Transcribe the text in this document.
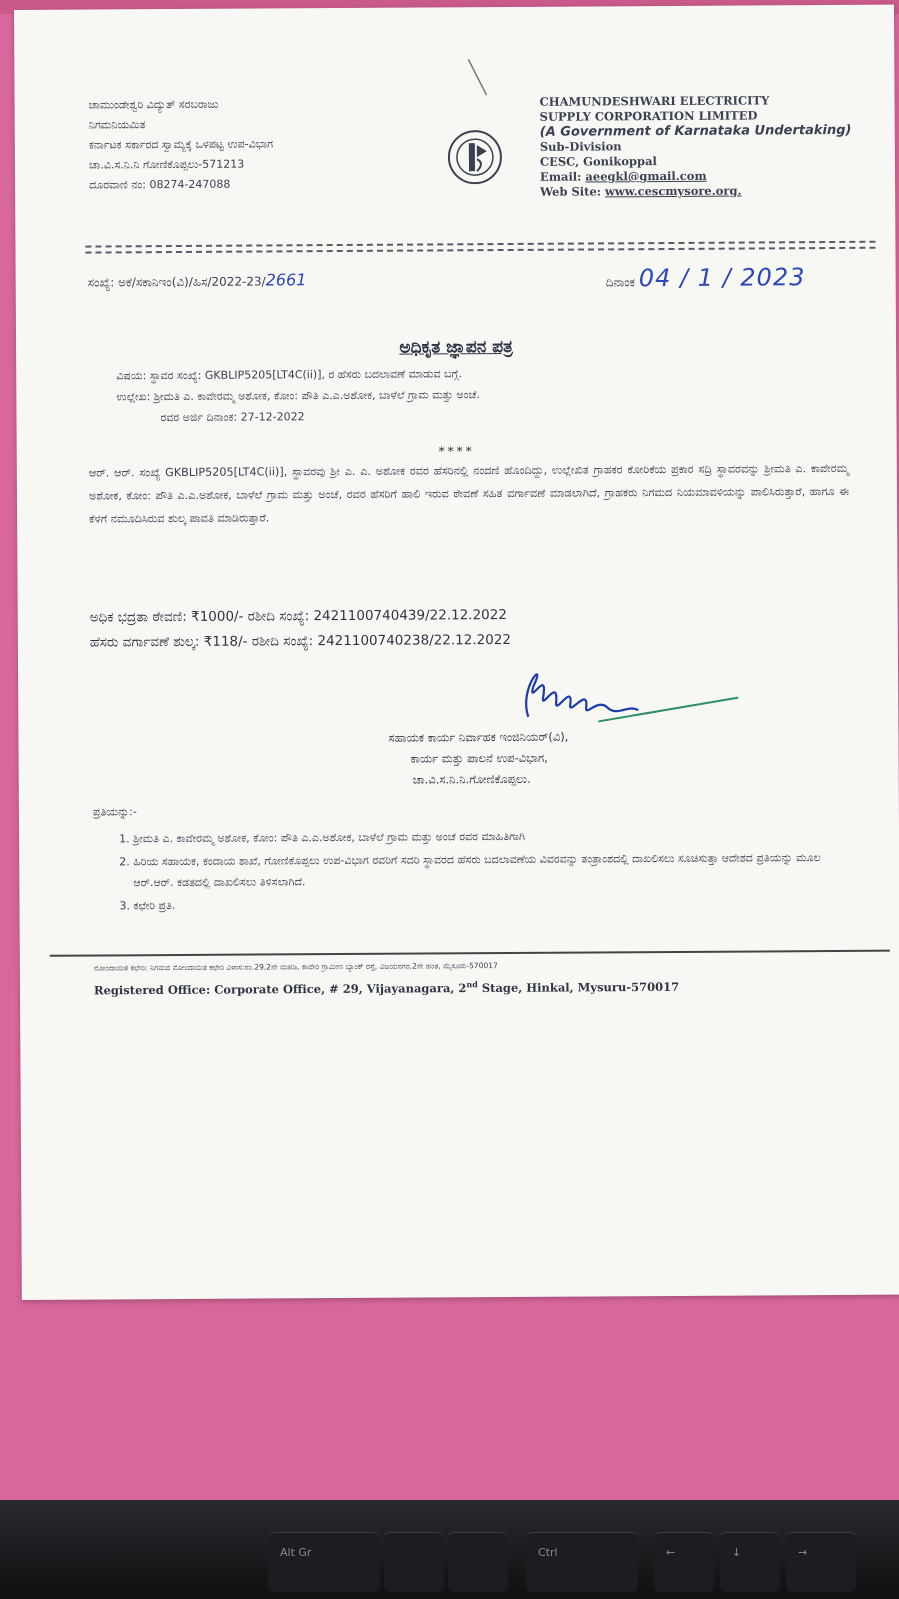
ಚಾಮುಂಡೇಶ್ವರಿ ವಿದ್ಯುತ್ ಸರಬರಾಜು
ನಿಗಮನಿಯಮಿತ
ಕರ್ನಾಟಕ ಸರ್ಕಾರದ ಸ್ವಾಮ್ಯಕ್ಕೆ ಒಳಪಟ್ಟ ಉಪ-ವಿಭಾಗ
ಚಾ.ವಿ.ಸ.ನಿ.ನಿ ಗೋಣಿಕೊಪ್ಪಲು-571213
ದೂರವಾಣಿ ನಂ: 08274-247088
CHAMUNDESHWARI ELECTRICITY
SUPPLY CORPORATION LIMITED
(A Government of Karnataka Undertaking)
Sub-Division
CESC, Gonikoppal
Email: aeegkl@gmail.com
Web Site: www.cescmysore.org.
ಸಂಖ್ಯೆ: ಅಕೆ/ಸಕಾನಿಇಂ(ವಿ)/ಹಿಸ/2022-23/2661	ದಿನಾಂಕ 04 / 1 / 2023
ಅಧಿಕೃತ ಜ್ಞಾಪನ ಪತ್ರ
ವಿಷಯ: ಸ್ಥಾವರ ಸಂಖ್ಯೆ: GKBLIP5205[LT4C(ii)], ರ ಹೆಸರು ಬದಲಾವಣೆ ಮಾಡುವ ಬಗ್ಗೆ.
ಉಲ್ಲೇಖ: ಶ್ರೀಮತಿ ಎ. ಕಾವೇರಮ್ಮ ಅಶೋಕ, ಕೋಂ: ಪೌತಿ ಎ.ಎ.ಅಶೋಕ, ಬಾಳೆಲೆ ಗ್ರಾಮ ಮತ್ತು ಅಂಚೆ.
ರವರ ಅರ್ಜಿ ದಿನಾಂಕ: 27-12-2022
****
ಆರ್. ಆರ್. ಸಂಖ್ಯೆ GKBLIP5205[LT4C(ii)], ಸ್ಥಾವರವು ಶ್ರೀ ಎ. ಎ. ಅಶೋಕ ರವರ ಹೆಸರಿನಲ್ಲಿ ನಂದಣಿ ಹೊಂದಿದ್ದು, ಉಲ್ಲೇಖಿತ ಗ್ರಾಹಕರ ಕೋರಿಕೆಯ ಪ್ರಕಾರ ಸದ್ರಿ ಸ್ಥಾವರವನ್ನು ಶ್ರೀಮತಿ ಎ. ಕಾವೇರಮ್ಮ ಅಶೋಕ, ಕೋಂ: ಪೌತಿ ಎ.ಎ.ಅಶೋಕ, ಬಾಳೆಲೆ ಗ್ರಾಮ ಮತ್ತು ಅಂಚೆ, ರವರ ಹೆಸರಿಗೆ ಹಾಲಿ ಇರುವ ಠೇವಣೆ ಸಹಿತ ವರ್ಗಾವಣೆ ಮಾಡಲಾಗಿದೆ, ಗ್ರಾಹಕರು ನಿಗಮದ ನಿಯಮಾವಳಿಯನ್ನು ಪಾಲಿಸಿರುತ್ತಾರೆ, ಹಾಗೂ ಈ ಕೆಳಗೆ ನಮೂದಿಸಿರುವ ಶುಲ್ಕ ಪಾವತಿ ಮಾಡಿರುತ್ತಾರೆ.
ಅಧಿಕ ಭದ್ರತಾ ಠೇವಣಿ: ₹1000/- ರಶೀದಿ ಸಂಖ್ಯೆ: 2421100740439/22.12.2022
ಹೆಸರು ವರ್ಗಾವಣೆ ಶುಲ್ಕ: ₹118/- ರಶೀದಿ ಸಂಖ್ಯೆ: 2421100740238/22.12.2022
ಸಹಾಯಕ ಕಾರ್ಯ ನಿರ್ವಾಹಕ ಇಂಜಿನಿಯರ್(ವಿ),
ಕಾರ್ಯ ಮತ್ತು ಪಾಲನೆ ಉಪ-ವಿಭಾಗ,
ಚಾ.ವಿ.ಸ.ನಿ.ನಿ.ಗೋಣಿಕೊಪ್ಪಲು.
ಪ್ರತಿಯನ್ನು:-
1. ಶ್ರೀಮತಿ ಎ. ಕಾವೇರಮ್ಮ ಅಶೋಕ, ಕೋಂ: ಪೌತಿ ಎ.ಎ.ಅಶೋಕ, ಬಾಳೆಲೆ ಗ್ರಾಮ ಮತ್ತು ಅಂಚೆ ರವರ ಮಾಹಿತಿಗಾಗಿ
2. ಹಿರಿಯ ಸಹಾಯಕ, ಕಂದಾಯ ಶಾಖೆ, ಗೋಣಿಕೊಪ್ಪಲು ಉಪ-ವಿಭಾಗ ರವರಿಗೆ ಸದರಿ ಸ್ಥಾವರದ ಹೆಸರು ಬದಲಾವಣೆಯ ವಿವರವನ್ನು ತಂತ್ರಾಂಶದಲ್ಲಿ ದಾಖಲಿಸಲು ಸೂಚಿಸುತ್ತಾ ಆದೇಶದ ಪ್ರತಿಯನ್ನು ಮೂಲ ಆರ್.ಆರ್. ಕಡತದಲ್ಲಿ ದಾಖಲಿಸಲು ತಿಳಿಸಲಾಗಿದೆ.
3. ಕಛೇರಿ ಪ್ರತಿ.
ನೋಂದಾಯಿತ ಕಛೇರಿ: ನಿಗಮದ ನೋಂದಾಯಿತ ಕಛೇರಿ ವಿಳಾಸ:ನಂ.29,2ನೇ ಮಹಡಿ, ಕಾವೇರಿ ಗ್ರಾಮೀಣ ಬ್ಯಾಂಕ್ ರಸ್ತೆ, ವಿಜಯನಗರ,2ನೇ ಹಂತ, ಮೈಸೂರು-570017
Registered Office: Corporate Office, # 29, Vijayanagara, 2nd Stage, Hinkal, Mysuru-570017
Alt Gr	Ctrl	←	↓	→
